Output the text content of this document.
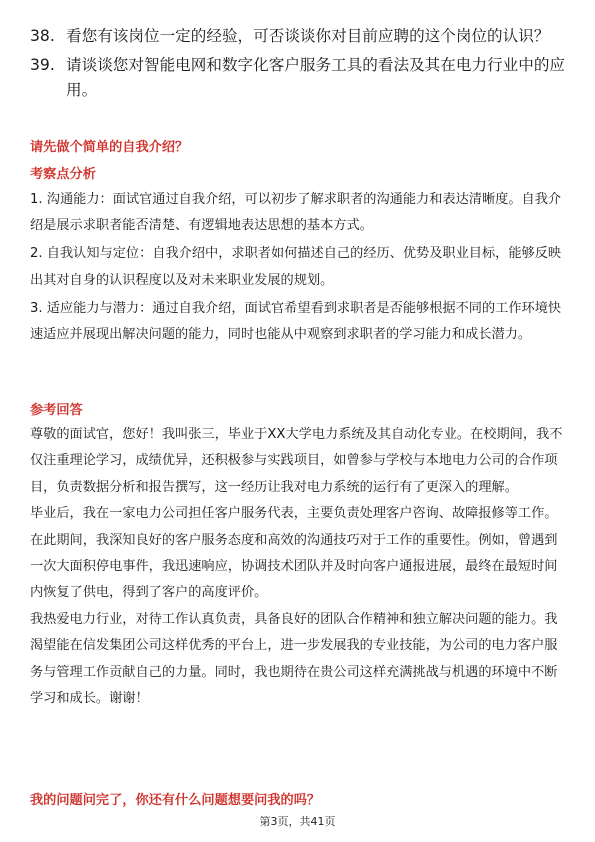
38. 看您有该岗位一定的经验，可否谈谈你对目前应聘的这个岗位的认识？
39. 请谈谈您对智能电网和数字化客户服务工具的看法及其在电力行业中的应用。
请先做个简单的自我介绍？
考察点分析

1. 沟通能力：面试官通过自我介绍，可以初步了解求职者的沟通能力和表达清晰度。自我介绍是展示求职者能否清楚、有逻辑地表达思想的基本方式。

2. 自我认知与定位：自我介绍中，求职者如何描述自己的经历、优势及职业目标，能够反映出其对自身的认识程度以及对未来职业发展的规划。

3. 适应能力与潜力：通过自我介绍，面试官希望看到求职者是否能够根据不同的工作环境快速适应并展现出解决问题的能力，同时也能从中观察到求职者的学习能力和成长潜力。

参考回答

尊敬的面试官，您好！我叫张三，毕业于XX大学电力系统及其自动化专业。在校期间，我不仅注重理论学习，成绩优异，还积极参与实践项目，如曾参与学校与本地电力公司的合作项目，负责数据分析和报告撰写，这一经历让我对电力系统的运行有了更深入的理解。

毕业后，我在一家电力公司担任客户服务代表，主要负责处理客户咨询、故障报修等工作。在此期间，我深知良好的客户服务态度和高效的沟通技巧对于工作的重要性。例如，曾遇到一次大面积停电事件，我迅速响应，协调技术团队并及时向客户通报进展，最终在最短时间内恢复了供电，得到了客户的高度评价。

我热爱电力行业，对待工作认真负责，具备良好的团队合作精神和独立解决问题的能力。我渴望能在信发集团公司这样优秀的平台上，进一步发展我的专业技能，为公司的电力客户服务与管理工作贡献自己的力量。同时，我也期待在贵公司这样充满挑战与机遇的环境中不断学习和成长。谢谢！

我的问题问完了，你还有什么问题想要问我的吗？
第3页，共41页
